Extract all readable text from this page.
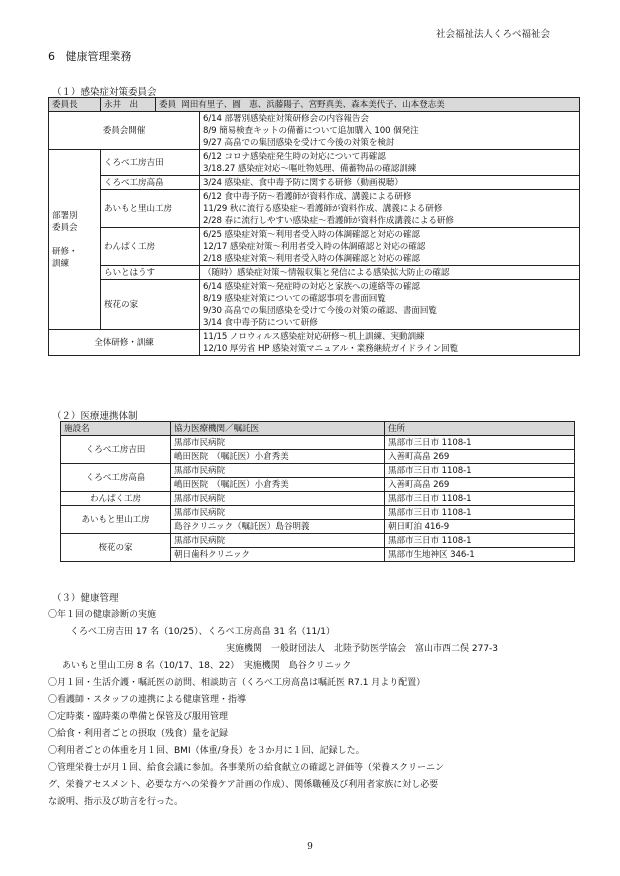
社会福祉法人くろべ福祉会
6 健康管理業務
（１）感染症対策委員会
委員長	永井　出	委員 岡田有里子、圓　恵、浜藤陽子、宮野真美、森本美代子、山本登志美	
委員会開催			6/14 部署別感染症対策研修会の内容報告会
8/9 簡易検査キットの備蓄について追加購入 100 個発注
9/27 高畠での集団感染を受けて今後の対策を検討

部署別
委員会
研修・
訓練	くろべ工房吉田		6/12 コロナ感染症発生時の対応について再確認
3/18.27 感染症対応～嘔吐物処理、備蓄物品の確認訓練

	くろべ工房高畠		3/24 感染症、食中毒予防に関する研修（動画視聴）

	あいもと里山工房		6/12 食中毒予防～看護師が資料作成、講義による研修
11/29 秋に流行る感染症～看護師が資料作成、講義による研修
2/28 春に流行しやすい感染症～看護師が資料作成講義による研修

	わんぱく工房		6/25 感染症対策～利用者受入時の体調確認と対応の確認
12/17 感染症対策～利用者受入時の体調確認と対応の確認
2/18 感染症対策～利用者受入時の体調確認と対応の確認

	らいとはうす		（随時）感染症対策～情報収集と発信による感染拡大防止の確認

	桜花の家		6/14 感染症対策～発症時の対応と家族への連絡等の確認
8/19 感染症対策についての確認事項を書面回覧
9/30 高畠での集団感染を受けて今後の対策の確認、書面回覧
3/14 食中毒予防について研修

全体研修・訓練			11/15 ノロウィルス感染症対応研修～机上訓練、実動訓練
12/10 厚労省 HP 感染対策マニュアル・業務継続ガイドライン回覧
（２）医療連携体制
施設名	協力医療機関／嘱託医	住所
くろべ工房吉田	黒部市民病院	黒部市三日市 1108-1
	嶋田医院　（嘱託医）小倉秀美	入善町高畠 269
くろべ工房高畠	黒部市民病院	黒部市三日市 1108-1
	嶋田医院　（嘱託医）小倉秀美	入善町高畠 269
わんぱく工房	黒部市民病院	黒部市三日市 1108-1
あいもと里山工房	黒部市民病院	黒部市三日市 1108-1
	島谷クリニック（嘱託医）島谷明義	朝日町泊 416-9
桜花の家	黒部市民病院	黒部市三日市 1108-1
	朝日歯科クリニック	黒部市生地神区 346-1
（３）健康管理
〇年１回の健康診断の実施
くろべ工房吉田 17 名（10/25）、くろべ工房高畠 31 名（11/1）
実施機関　一般財団法人　北陸予防医学協会　富山市西二俣 277-3
あいもと里山工房 8 名（10/17、18、22）　実施機関　島谷クリニック
〇月１回・生活介護・嘱託医の訪問、相談助言（くろべ工房高畠は嘱託医 R7.1 月より配置）
〇看護師・スタッフの連携による健康管理・指導
〇定時薬・臨時薬の準備と保管及び服用管理
〇給食・利用者ごとの摂取（残食）量を記録
〇利用者ごとの体重を月１回、BMI（体重/身長）を３か月に１回、記録した。
〇管理栄養士が月１回、給食会議に参加。各事業所の給食献立の確認と評価等（栄養スクリーニン
グ、栄養アセスメント、必要な方への栄養ケア計画の作成）、関係職種及び利用者家族に対し必要
な説明、指示及び助言を行った。
9
